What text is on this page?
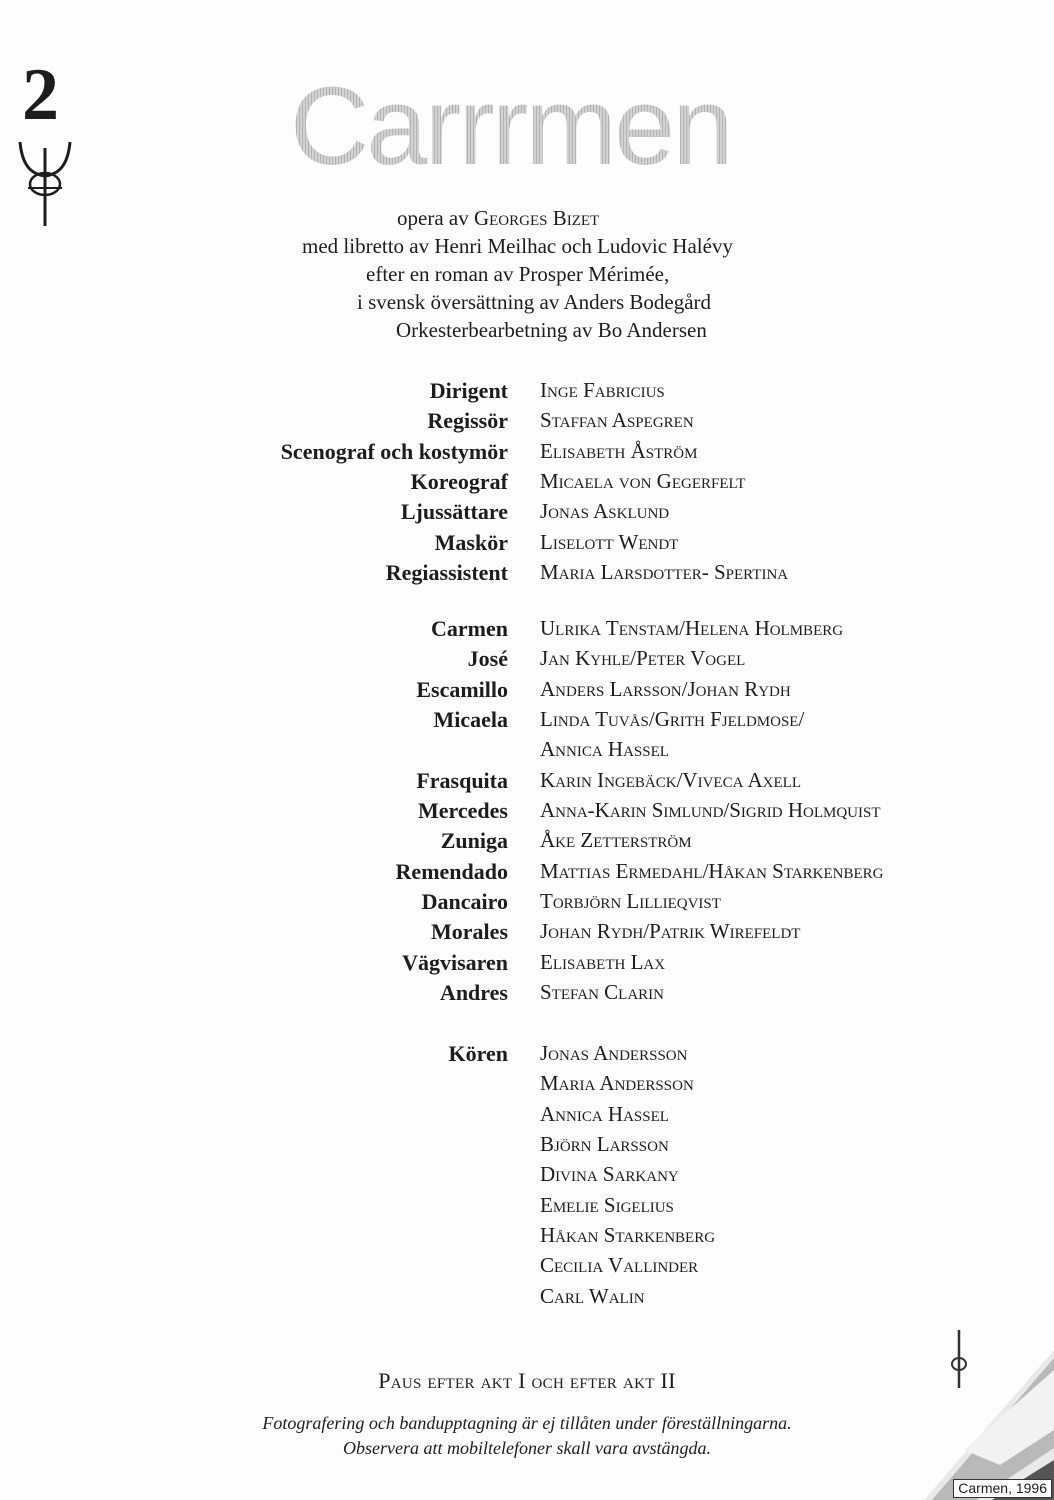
2 Carrrmen
opera av Georges Bizet
med libretto av Henri Meilhac och Ludovic Halévy
efter en roman av Prosper Mérimée,
i svensk översättning av Anders Bodegård
Orkesterbearbetning av Bo Andersen
Dirigent Inge Fabricius
Regissör Staffan Aspegren
Scenograf och kostymör Elisabeth Åström
Koreograf Micaela von Gegerfelt
Ljussättare Jonas Asklund
Maskör Liselott Wendt
Regiassistent Maria Larsdotter- Spertina
Carmen Ulrika Tenstam/Helena Holmberg
José Jan Kyhle/Peter Vogel
Escamillo Anders Larsson/Johan Rydh
Micaela Linda Tuvås/Grith Fjeldmose/
Annica Hassel
Frasquita Karin Ingebäck/Viveca Axell
Mercedes Anna-Karin Simlund/Sigrid Holmquist
Zuniga Åke Zetterström
Remendado Mattias Ermedahl/Håkan Starkenberg
Dancairo Torbjörn Lillieqvist
Morales Johan Rydh/Patrik Wirefeldt
Vägvisaren Elisabeth Lax
Andres Stefan Clarin
Kören Jonas Andersson
Maria Andersson
Annica Hassel
Björn Larsson
Divina Sarkany
Emelie Sigelius
Håkan Starkenberg
Cecilia Vallinder
Carl Walin
Paus efter akt I och efter akt II
Fotografering och bandupptagning är ej tillåten under föreställningarna.
Observera att mobiltelefoner skall vara avstängda.
Carmen, 1996
